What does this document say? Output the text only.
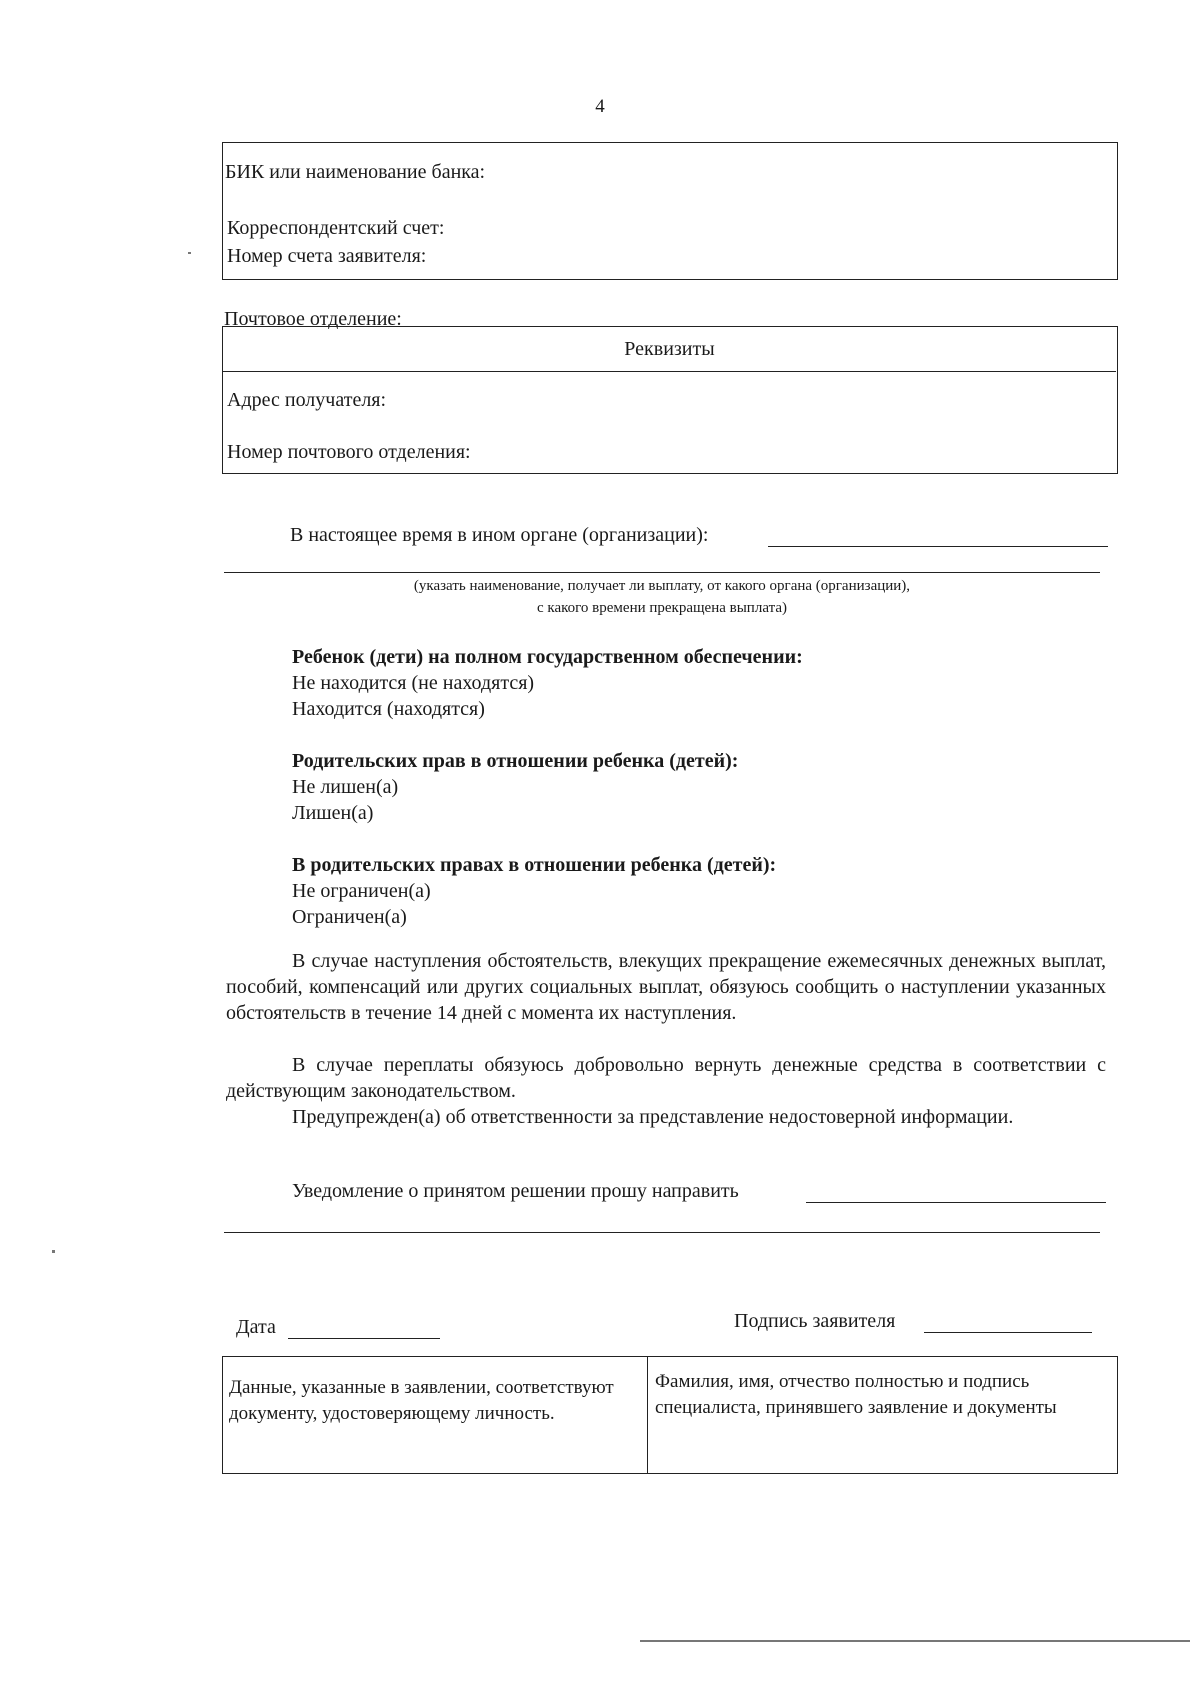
4
БИК или наименование банка:
Корреспондентский счет:
Номер счета заявителя:
Почтовое отделение:
Реквизиты
Адрес получателя:
Номер почтового отделения:
В настоящее время в ином органе (организации):
(указать наименование, получает ли выплату, от какого органа (организации),
с какого времени прекращена выплата)
Ребенок (дети) на полном государственном обеспечении:
Не находится (не находятся)
Находится (находятся)
Родительских прав в отношении ребенка (детей):
Не лишен(а)
Лишен(а)
В родительских правах в отношении ребенка (детей):
Не ограничен(а)
Ограничен(а)
В случае наступления обстоятельств, влекущих прекращение ежемесячных денежных выплат, пособий, компенсаций или других социальных выплат, обязуюсь сообщить о наступлении указанных обстоятельств в течение 14 дней с момента их наступления.
В случае переплаты обязуюсь добровольно вернуть денежные средства в соответствии с действующим законодательством.
Предупрежден(а) об ответственности за представление недостоверной информации.
Уведомление о принятом решении прошу направить
Дата	Подпись заявителя
Данные, указанные в заявлении, соответствуют документу, удостоверяющему личность.
Фамилия, имя, отчество полностью и подпись специалиста, принявшего заявление и документы
